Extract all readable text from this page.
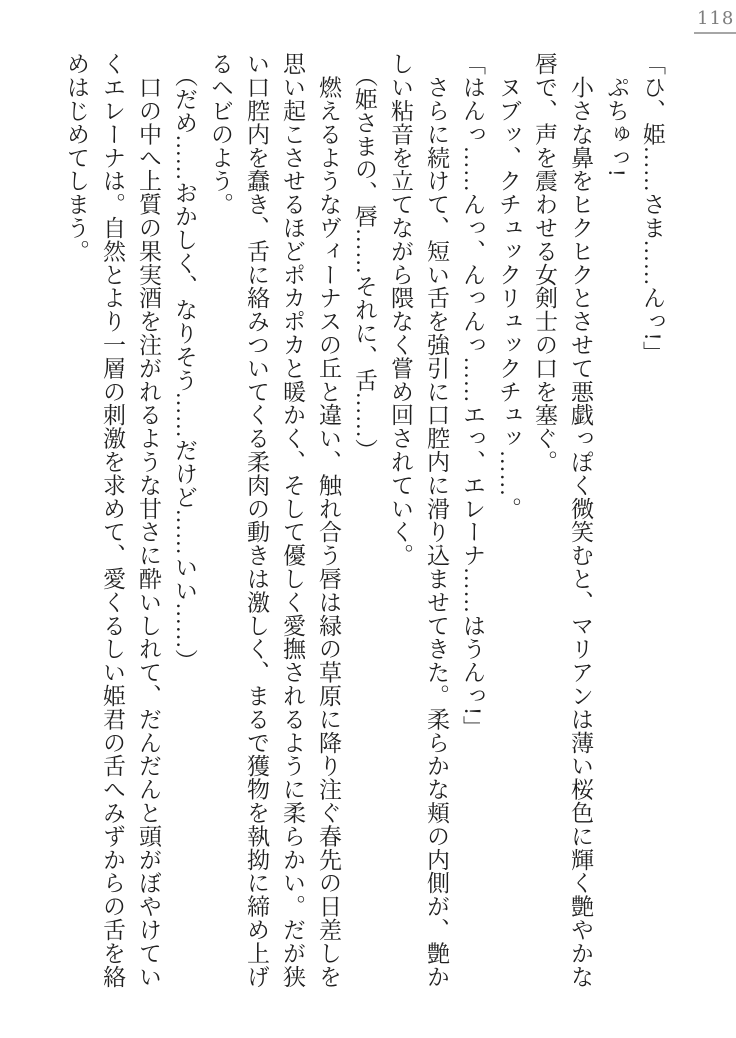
118

「ひ、姫……さま……んっ!」

　ぷちゅっ!

　小さな鼻をヒクヒクとさせて悪戯っぽく微笑むと、マリアンは薄い桜色に輝く艶やかな

唇で、声を震わせる女剣士の口を塞ぐ。

　ヌブッ、クチュックリュックチュッ……。

「はんっ……んっ、んっんっ……エっ、エレーナ……はうんっ!」

　さらに続けて、短い舌を強引に口腔内に滑り込ませてきた。柔らかな頬の内側が、艶か

しい粘音を立てながら隈なく嘗め回されていく。

　（姫さまの、唇……それに、舌……）

　燃えるようなヴィーナスの丘と違い、触れ合う唇は緑の草原に降り注ぐ春先の日差しを

思い起こさせるほどポカポカと暖かく、そして優しく愛撫されるように柔らかい。だが狭

い口腔内を蠢き、舌に絡みついてくる柔肉の動きは激しく、まるで獲物を執拗に締め上げ

るヘビのよう。

　（だめ……おかしく、なりそう……だけど……いい……）

　口の中へ上質の果実酒を注がれるような甘さに酔いしれて、だんだんと頭がぼやけてい

くエレーナは。自然とより一層の刺激を求めて、愛くるしい姫君の舌へみずからの舌を絡

めはじめてしまう。
